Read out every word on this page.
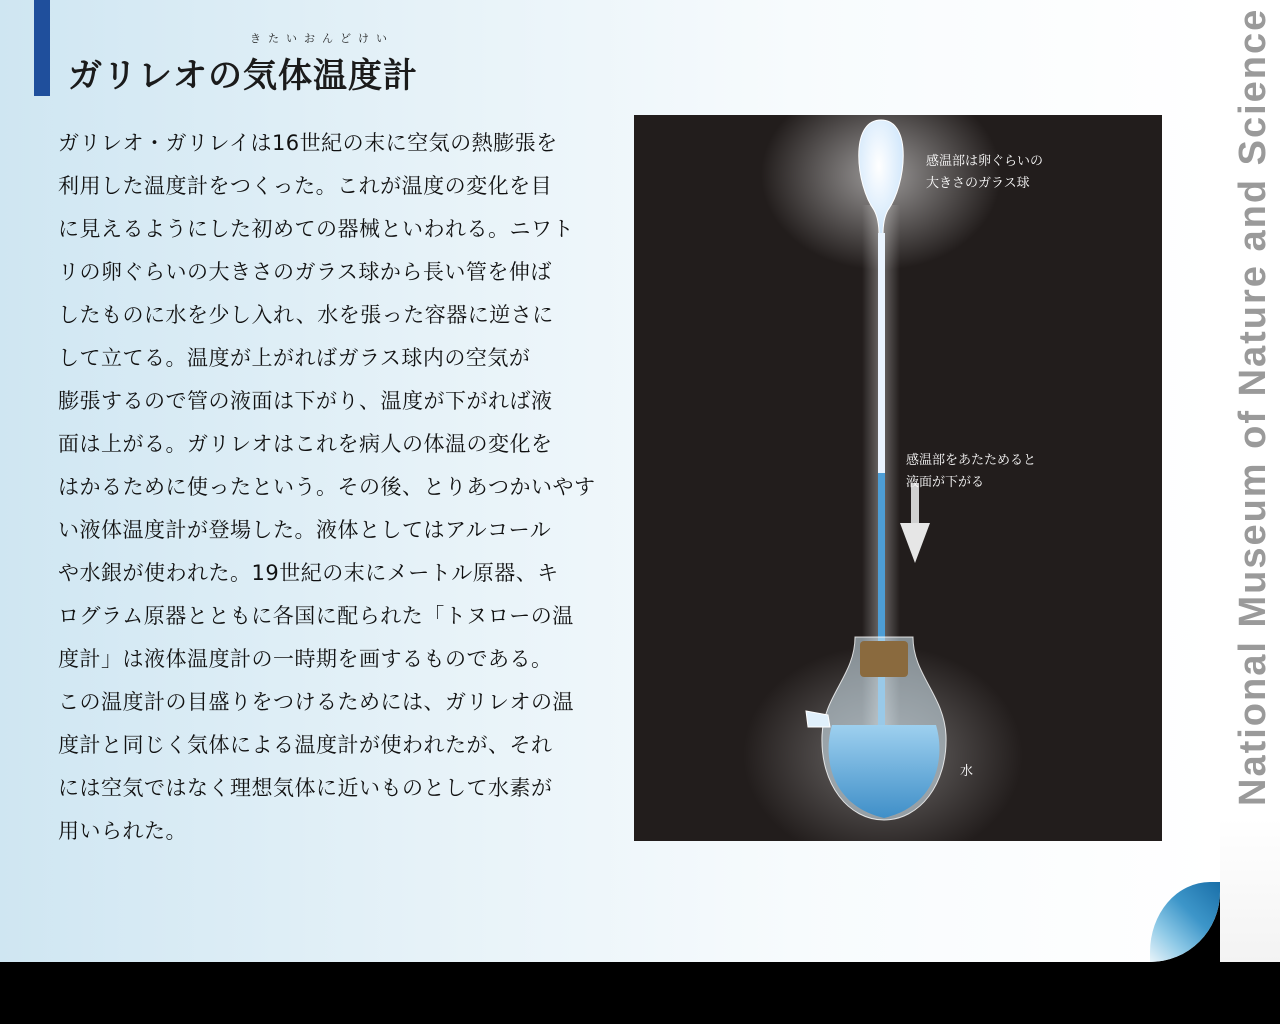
きたいおんどけい
ガリレオの気体温度計
ガリレオ・ガリレイは16世紀の末に空気の熱膨張を
利用した温度計をつくった。これが温度の変化を目
に見えるようにした初めての器械といわれる。ニワト
リの卵ぐらいの大きさのガラス球から長い管を伸ば
したものに水を少し入れ、水を張った容器に逆さに
して立てる。温度が上がればガラス球内の空気が
膨張するので管の液面は下がり、温度が下がれば液
面は上がる。ガリレオはこれを病人の体温の変化を
はかるために使ったという。その後、とりあつかいやす
い液体温度計が登場した。液体としてはアルコール
や水銀が使われた。19世紀の末にメートル原器、キ
ログラム原器とともに各国に配られた「トヌローの温
度計」は液体温度計の一時期を画するものである。
この温度計の目盛りをつけるためには、ガリレオの温
度計と同じく気体による温度計が使われたが、それ
には空気ではなく理想気体に近いものとして水素が
用いられた。
感温部は卵ぐらいの
大きさのガラス球
感温部をあたためると
液面が下がる
水	National Museum of Nature and Science
